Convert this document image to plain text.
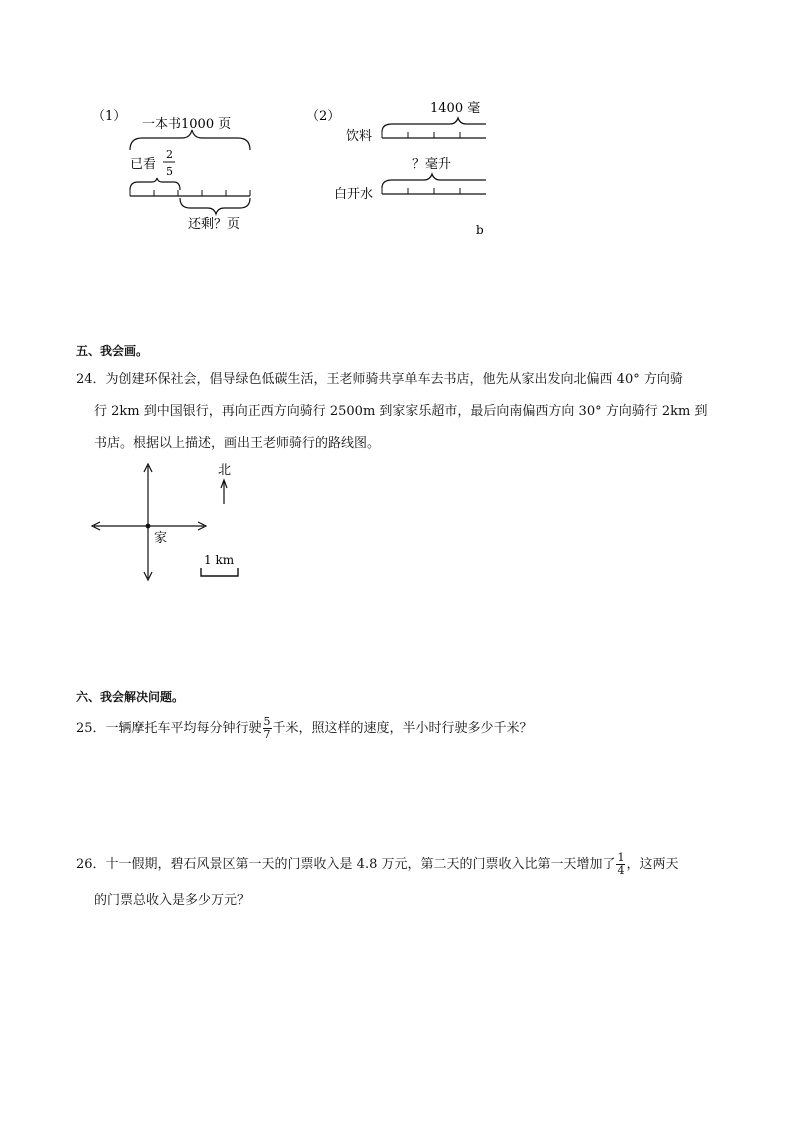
（1）
一本书1000 页
已看
2
5
还剩？页
（2）
1400 毫
饮料
？毫升
白开水
b
五、我会画。
24．为创建环保社会，倡导绿色低碳生活，王老师骑共享单车去书店，他先从家出发向北偏西 40° 方向骑
行 2km 到中国银行，再向正西方向骑行 2500m 到家家乐超市，最后向南偏西方向 30° 方向骑行 2km 到
书店。根据以上描述，画出王老师骑行的路线图。
家
北
1 km
六、我会解决问题。
25．一辆摩托车平均每分钟行驶 $\frac{5}{7}$ 千米，照这样的速度，半小时行驶多少千米？
26．十一假期，碧石风景区第一天的门票收入是 4.8 万元，第二天的门票收入比第一天增加了 $\frac{1}{4}$ ，这两天
的门票总收入是多少万元？
